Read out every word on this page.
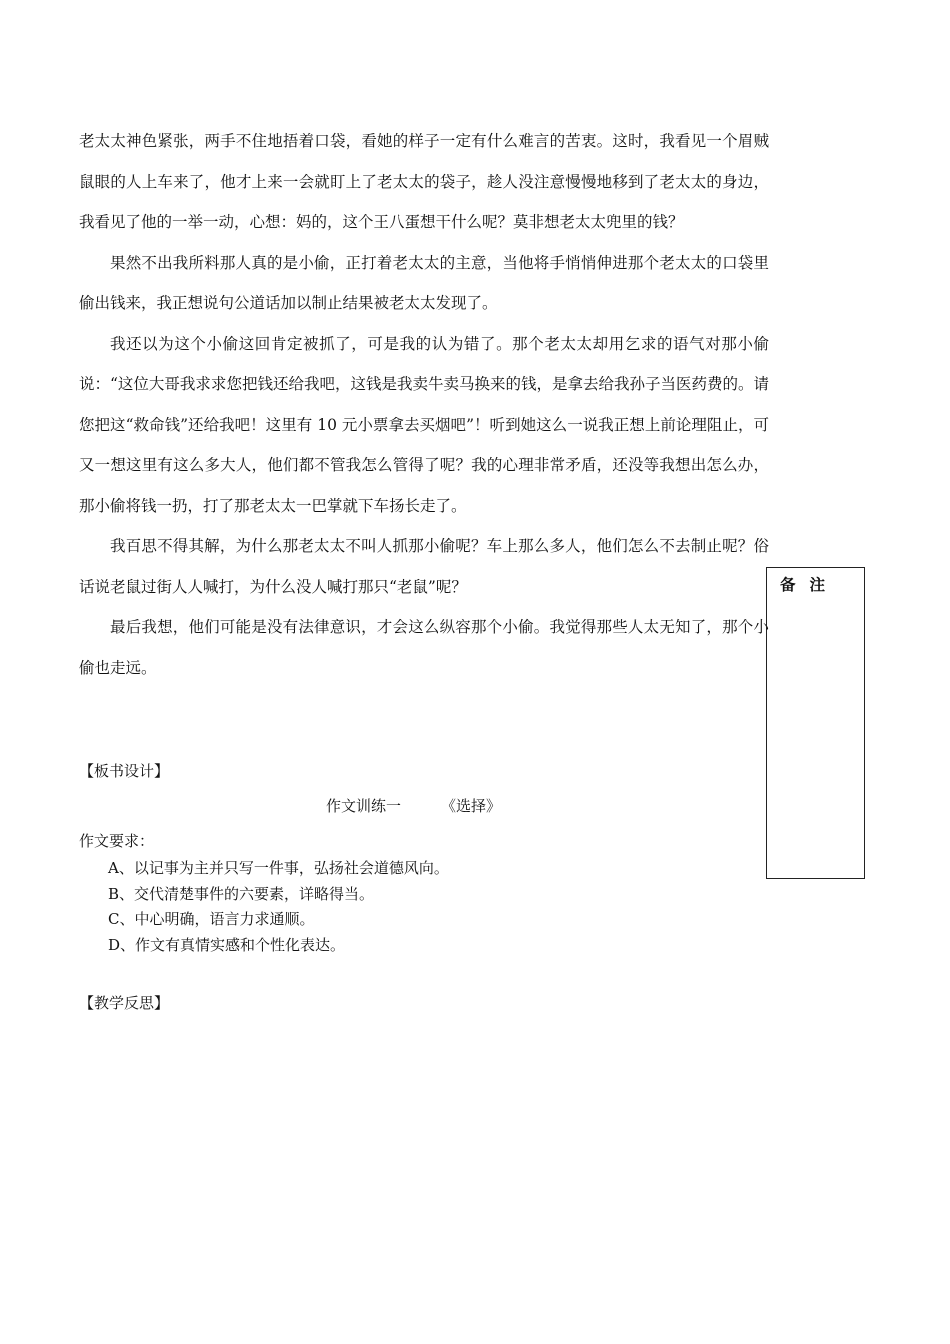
老太太神色紧张，两手不住地捂着口袋，看她的样子一定有什么难言的苦衷。这时，我看见一个眉贼鼠眼的人上车来了，他才上来一会就盯上了老太太的袋子，趁人没注意慢慢地移到了老太太的身边，我看见了他的一举一动，心想：妈的，这个王八蛋想干什么呢？莫非想老太太兜里的钱？

果然不出我所料那人真的是小偷，正打着老太太的主意，当他将手悄悄伸进那个老太太的口袋里偷出钱来，我正想说句公道话加以制止结果被老太太发现了。

我还以为这个小偷这回肯定被抓了，可是我的认为错了。那个老太太却用乞求的语气对那小偷说：“这位大哥我求求您把钱还给我吧，这钱是我卖牛卖马换来的钱，是拿去给我孙子当医药费的。请您把这“救命钱”还给我吧！这里有 10 元小票拿去买烟吧”！听到她这么一说我正想上前论理阻止，可又一想这里有这么多大人，他们都不管我怎么管得了呢？我的心理非常矛盾，还没等我想出怎么办，那小偷将钱一扔，打了那老太太一巴掌就下车扬长走了。

我百思不得其解，为什么那老太太不叫人抓那小偷呢？车上那么多人，他们怎么不去制止呢？俗话说老鼠过街人人喊打，为什么没人喊打那只“老鼠”呢？

最后我想，他们可能是没有法律意识，才会这么纵容那个小偷。我觉得那些人太无知了，那个小偷也走远。

【板书设计】
作文训练一	《选择》
作文要求：
A、以记事为主并只写一件事，弘扬社会道德风向。
B、交代清楚事件的六要素，详略得当。
C、中心明确，语言力求通顺。
D、作文有真情实感和个性化表达。
【教学反思】
备注
